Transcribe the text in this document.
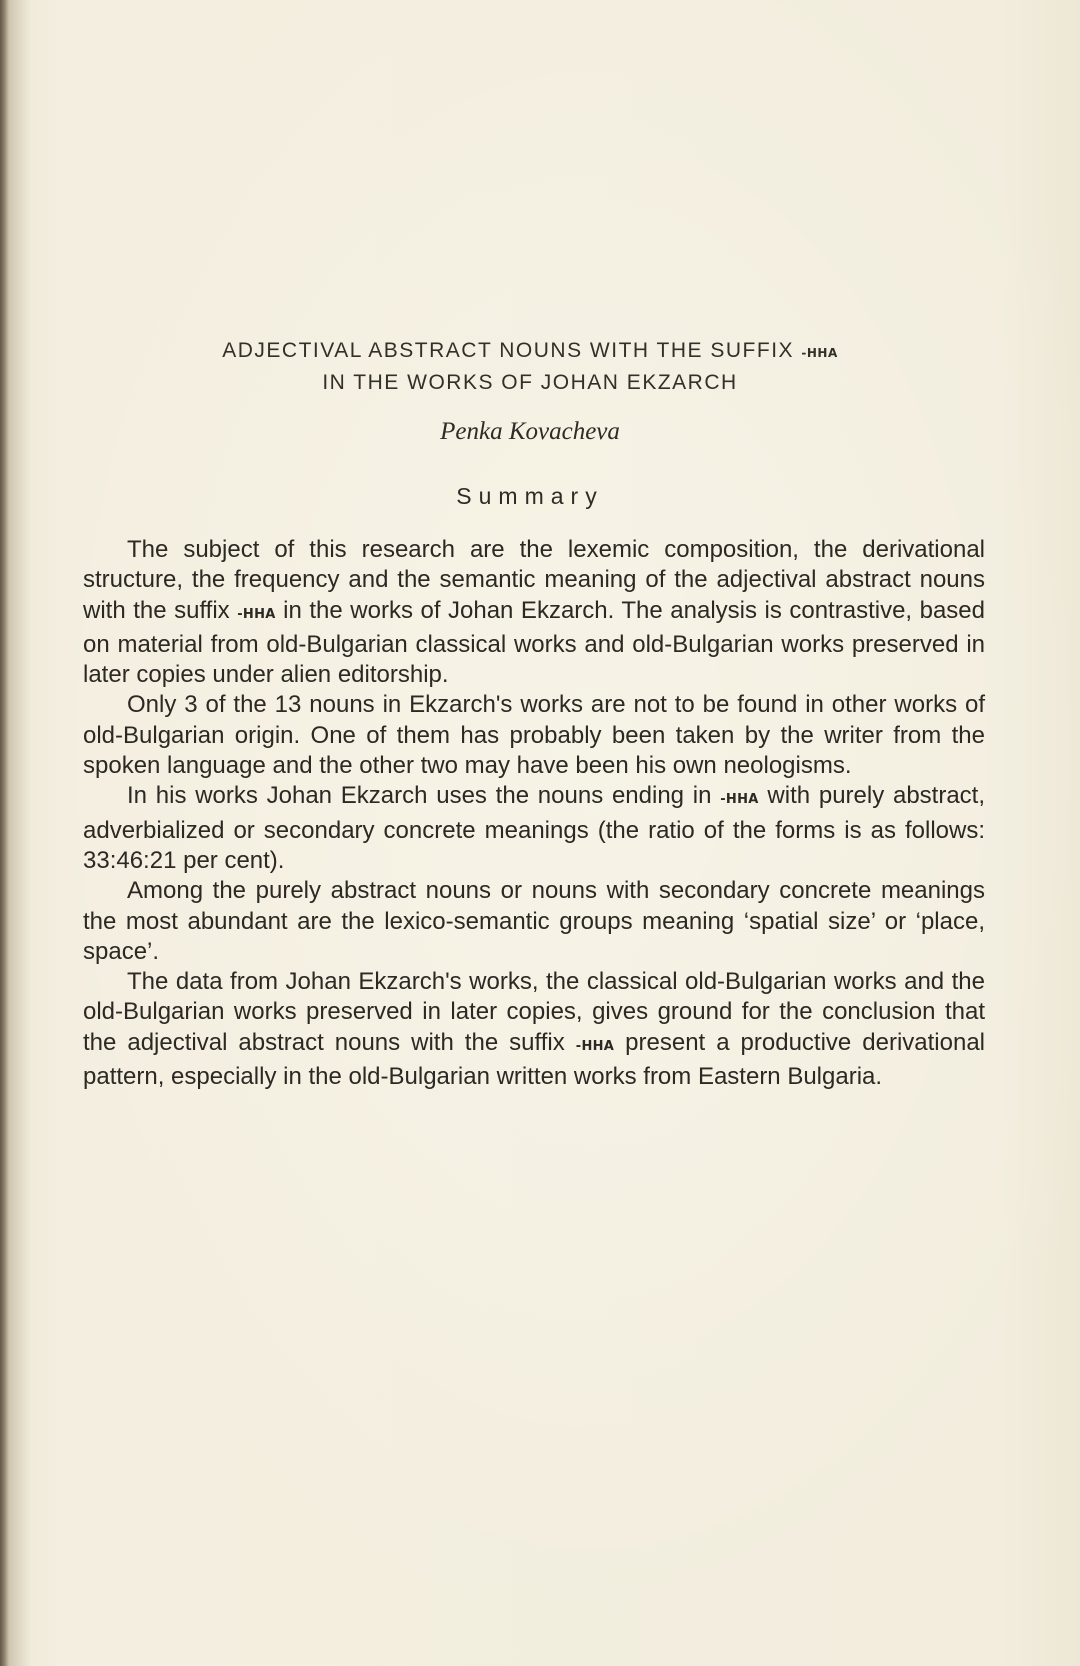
ADJECTIVAL ABSTRACT NOUNS WITH THE SUFFIX -ННА
IN THE WORKS OF JOHAN EKZARCH
Penka Kovacheva
Summary

The subject of this research are the lexemic composition, the derivational structure, the frequency and the semantic meaning of the adjectival abstract nouns with the suffix -ННА in the works of Johan Ekzarch. The analysis is contrastive, based on material from old-Bulgarian classical works and old-Bulgarian works preserved in later copies under alien editorship.

Only 3 of the 13 nouns in Ekzarch's works are not to be found in other works of old-Bulgarian origin. One of them has probably been taken by the writer from the spoken language and the other two may have been his own neologisms.

In his works Johan Ekzarch uses the nouns ending in -ННА with purely abstract, adverbialized or secondary concrete meanings (the ratio of the forms is as follows: 33:46:21 per cent).

Among the purely abstract nouns or nouns with secondary concrete meanings the most abundant are the lexico-semantic groups meaning ‘spatial size’ or ‘place, space’.

The data from Johan Ekzarch's works, the classical old-Bulgarian works and the old-Bulgarian works preserved in later copies, gives ground for the conclusion that the adjectival abstract nouns with the suffix -ННА present a productive derivational pattern, especially in the old-Bulgarian written works from Eastern Bulgaria.
